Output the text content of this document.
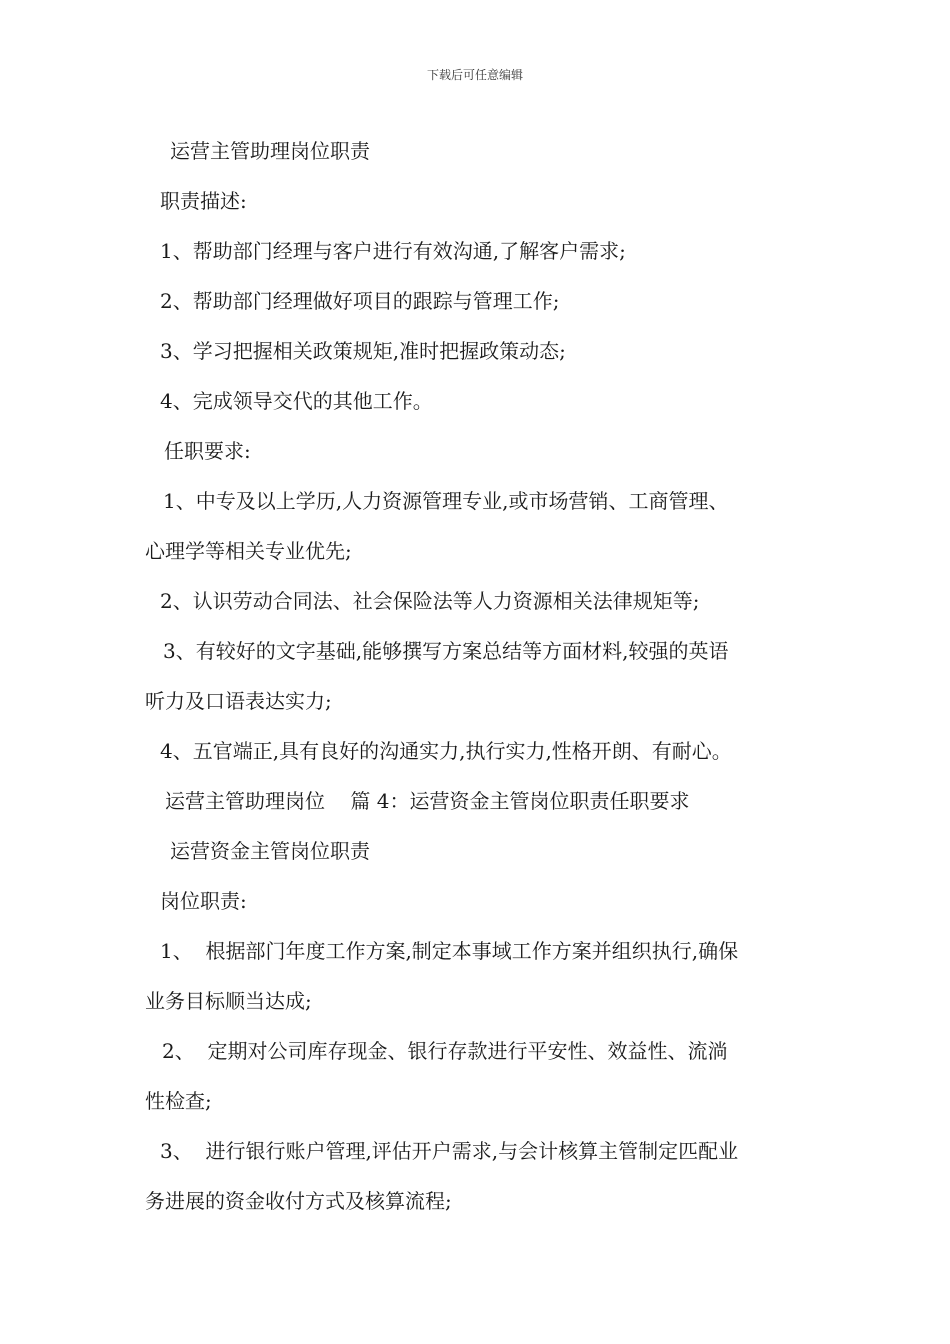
下载后可任意编辑
运营主管助理岗位职责
职责描述:
1、帮助部门经理与客户进行有效沟通,了解客户需求;
2、帮助部门经理做好项目的跟踪与管理工作;
3、学习把握相关政策规矩,准时把握政策动态;
4、完成领导交代的其他工作。
任职要求:
1、中专及以上学历,人力资源管理专业,或市场营销、工商管理、
心理学等相关专业优先;
2、认识劳动合同法、社会保险法等人力资源相关法律规矩等;
3、有较好的文字基础,能够撰写方案总结等方面材料,较强的英语
听力及口语表达实力;
4、五官端正,具有良好的沟通实力,执行实力,性格开朗、有耐心。
运营主管助理岗位    篇 4：运营资金主管岗位职责任职要求
运营资金主管岗位职责
岗位职责:
1、  根据部门年度工作方案,制定本事域工作方案并组织执行,确保
业务目标顺当达成;
2、  定期对公司库存现金、银行存款进行平安性、效益性、流淌
性检查;
3、  进行银行账户管理,评估开户需求,与会计核算主管制定匹配业
务进展的资金收付方式及核算流程;
